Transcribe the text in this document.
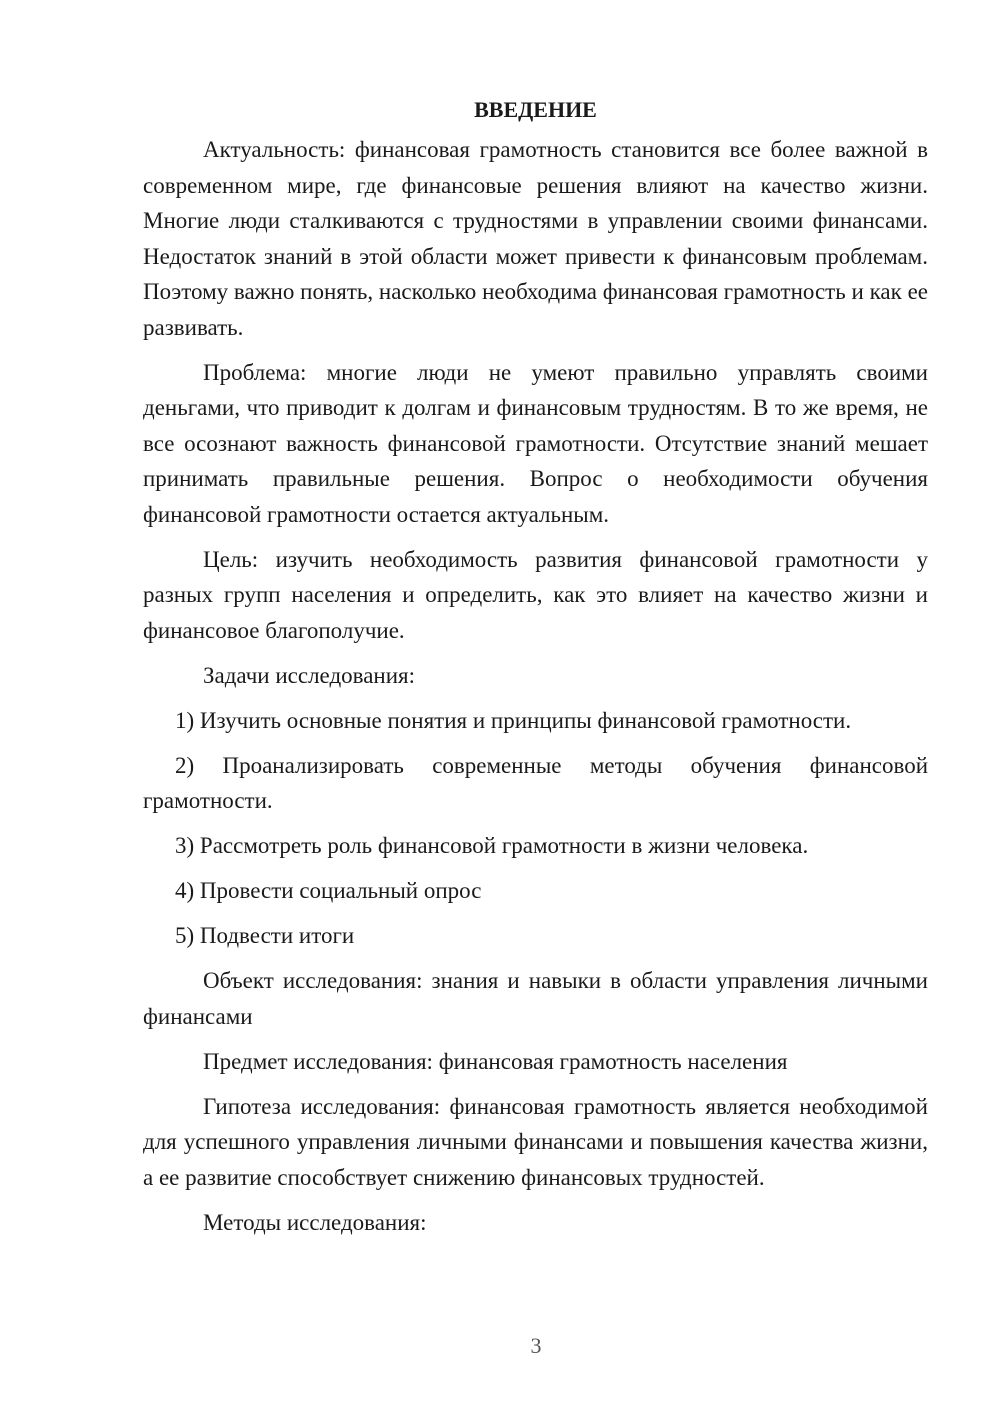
ВВЕДЕНИЕ

Актуальность: финансовая грамотность становится все более важной в современном мире, где финансовые решения влияют на качество жизни. Многие люди сталкиваются с трудностями в управлении своими финансами. Недостаток знаний в этой области может привести к финансовым проблемам. Поэтому важно понять, насколько необходима финансовая грамотность и как ее развивать.

Проблема: многие люди не умеют правильно управлять своими деньгами, что приводит к долгам и финансовым трудностям. В то же время, не все осознают важность финансовой грамотности. Отсутствие знаний мешает принимать правильные решения. Вопрос о необходимости обучения финансовой грамотности остается актуальным.

Цель: изучить необходимость развития финансовой грамотности у разных групп населения и определить, как это влияет на качество жизни и финансовое благополучие.

Задачи исследования:

1) Изучить основные понятия и принципы финансовой грамотности.

2) Проанализировать современные методы обучения финансовой грамотности.

3) Рассмотреть роль финансовой грамотности в жизни человека.

4) Провести социальный опрос

5) Подвести итоги

Объект исследования: знания и навыки в области управления личными финансами

Предмет исследования: финансовая грамотность населения

Гипотеза исследования: финансовая грамотность является необходимой для успешного управления личными финансами и повышения качества жизни, а ее развитие способствует снижению финансовых трудностей.

Методы исследования:

3
